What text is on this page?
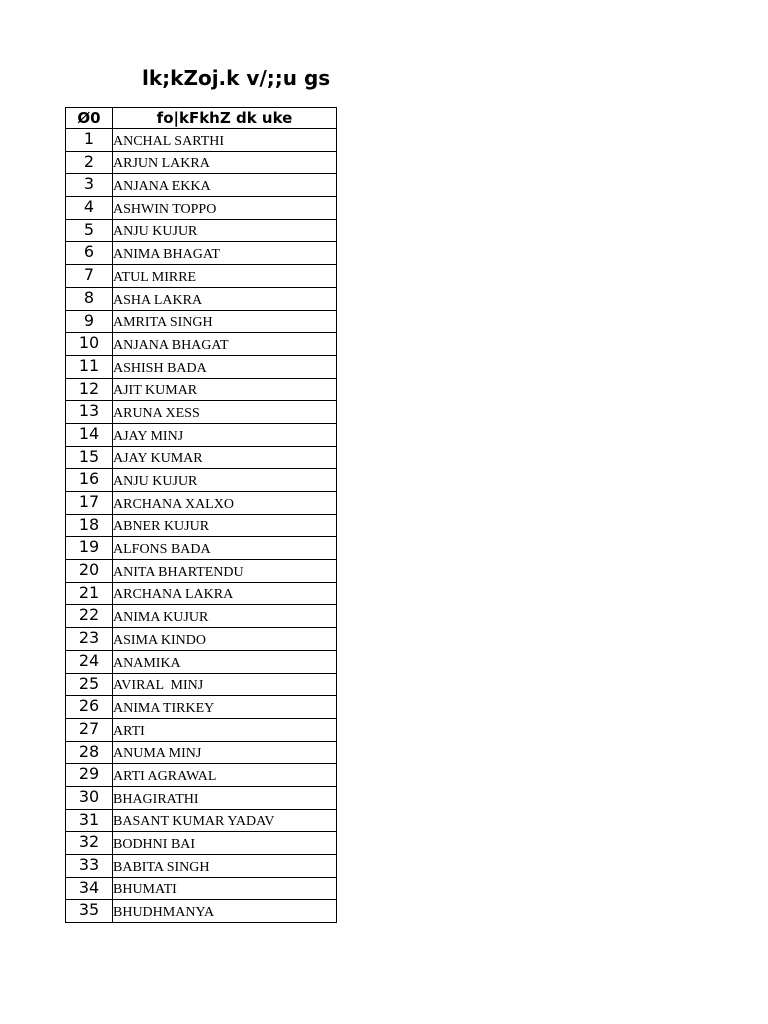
lk;kZoj.k v/;;u gs
Ø0	fo|kFkhZ dk uke
1	ANCHAL SARTHI
2	ARJUN LAKRA
3	ANJANA EKKA
4	ASHWIN TOPPO
5	ANJU KUJUR
6	ANIMA BHAGAT
7	ATUL MIRRE
8	ASHA LAKRA
9	AMRITA SINGH
10	ANJANA BHAGAT
11	ASHISH BADA
12	AJIT KUMAR
13	ARUNA XESS
14	AJAY MINJ
15	AJAY KUMAR
16	ANJU KUJUR
17	ARCHANA XALXO
18	ABNER KUJUR
19	ALFONS BADA
20	ANITA BHARTENDU
21	ARCHANA LAKRA
22	ANIMA KUJUR
23	ASIMA KINDO
24	ANAMIKA
25	AVIRAL  MINJ
26	ANIMA TIRKEY
27	ARTI
28	ANUMA MINJ
29	ARTI AGRAWAL
30	BHAGIRATHI
31	BASANT KUMAR YADAV
32	BODHNI BAI
33	BABITA SINGH
34	BHUMATI
35	BHUDHMANYA
